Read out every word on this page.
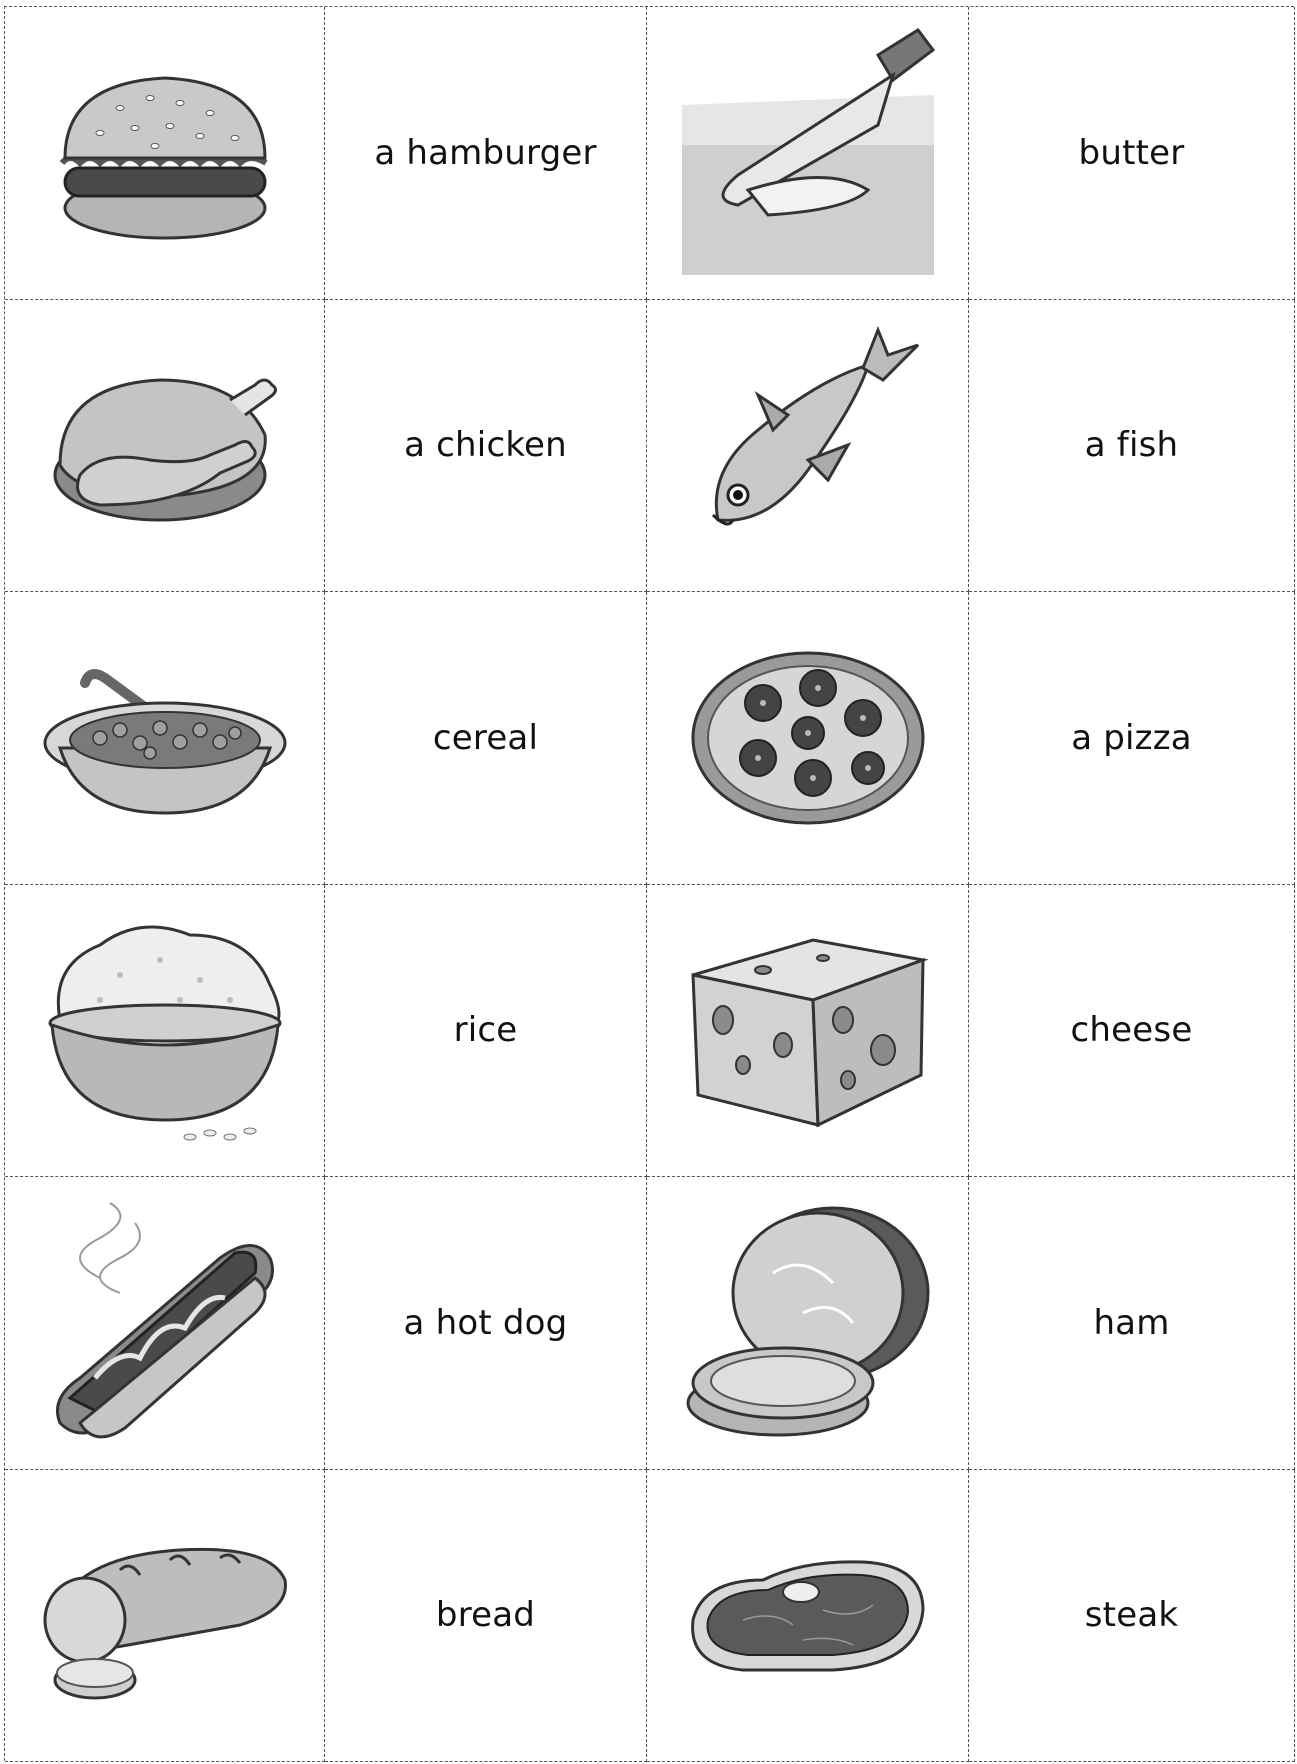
a hamburger	butter
a chicken	a fish
cereal	a pizza
rice	cheese
a hot dog	ham
bread	steak
